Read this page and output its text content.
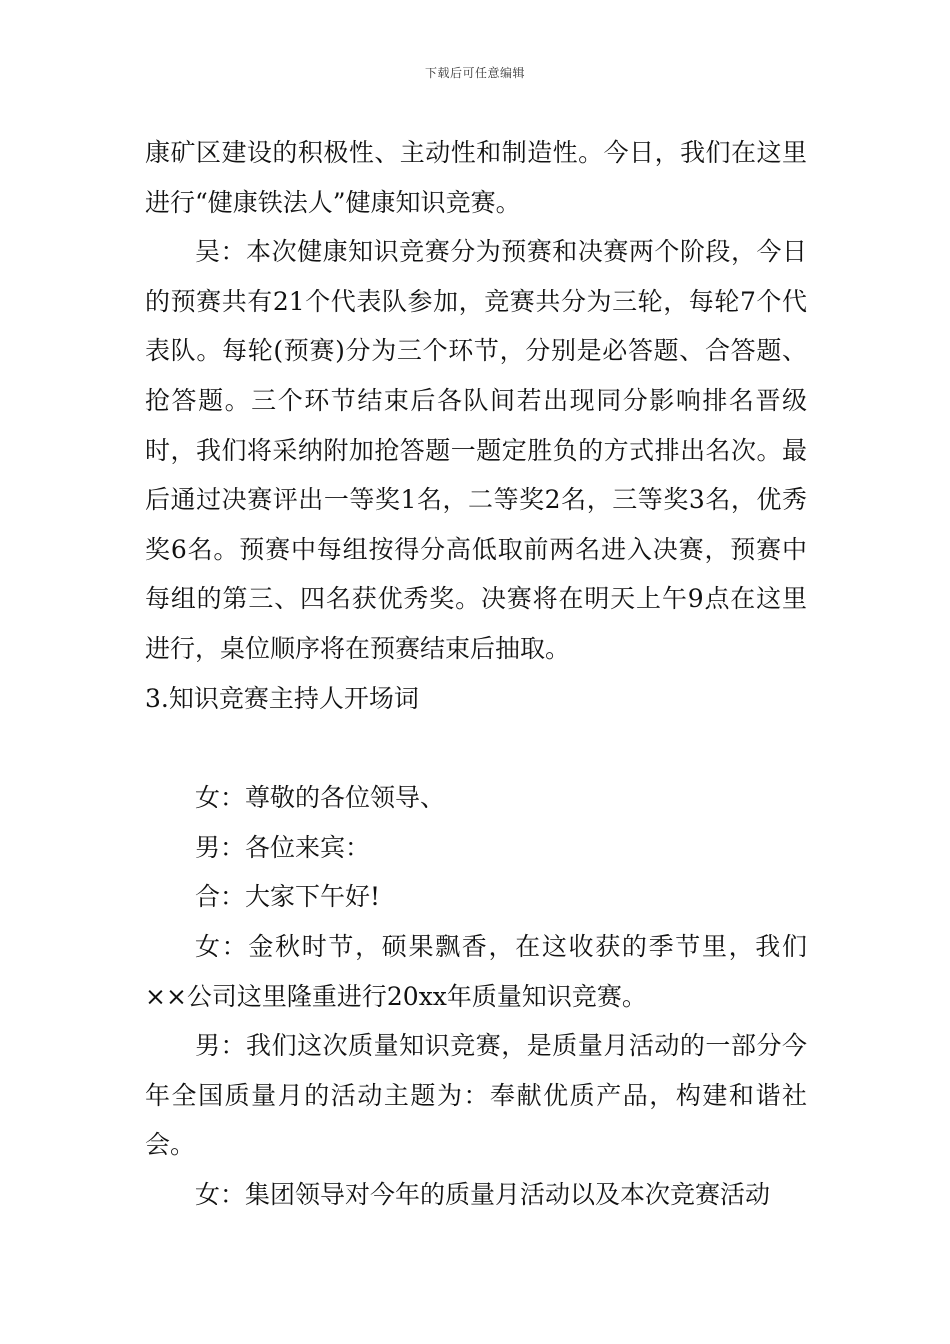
下载后可任意编辑

康矿区建设的积极性、主动性和制造性。今日，我们在这里进行“健康铁法人”健康知识竞赛。

吴：本次健康知识竞赛分为预赛和决赛两个阶段，今日的预赛共有21个代表队参加，竞赛共分为三轮，每轮7个代表队。每轮(预赛)分为三个环节，分别是必答题、合答题、抢答题。三个环节结束后各队间若出现同分影响排名晋级时，我们将采纳附加抢答题一题定胜负的方式排出名次。最后通过决赛评出一等奖1名，二等奖2名，三等奖3名，优秀奖6名。预赛中每组按得分高低取前两名进入决赛，预赛中每组的第三、四名获优秀奖。决赛将在明天上午9点在这里进行，桌位顺序将在预赛结束后抽取。

3.知识竞赛主持人开场词

女：尊敬的各位领导、

男：各位来宾：

合：大家下午好!

女：金秋时节，硕果飘香，在这收获的季节里，我们××公司这里隆重进行20xx年质量知识竞赛。

男：我们这次质量知识竞赛，是质量月活动的一部分今年全国质量月的活动主题为：奉献优质产品，构建和谐社会。

女：集团领导对今年的质量月活动以及本次竞赛活动
